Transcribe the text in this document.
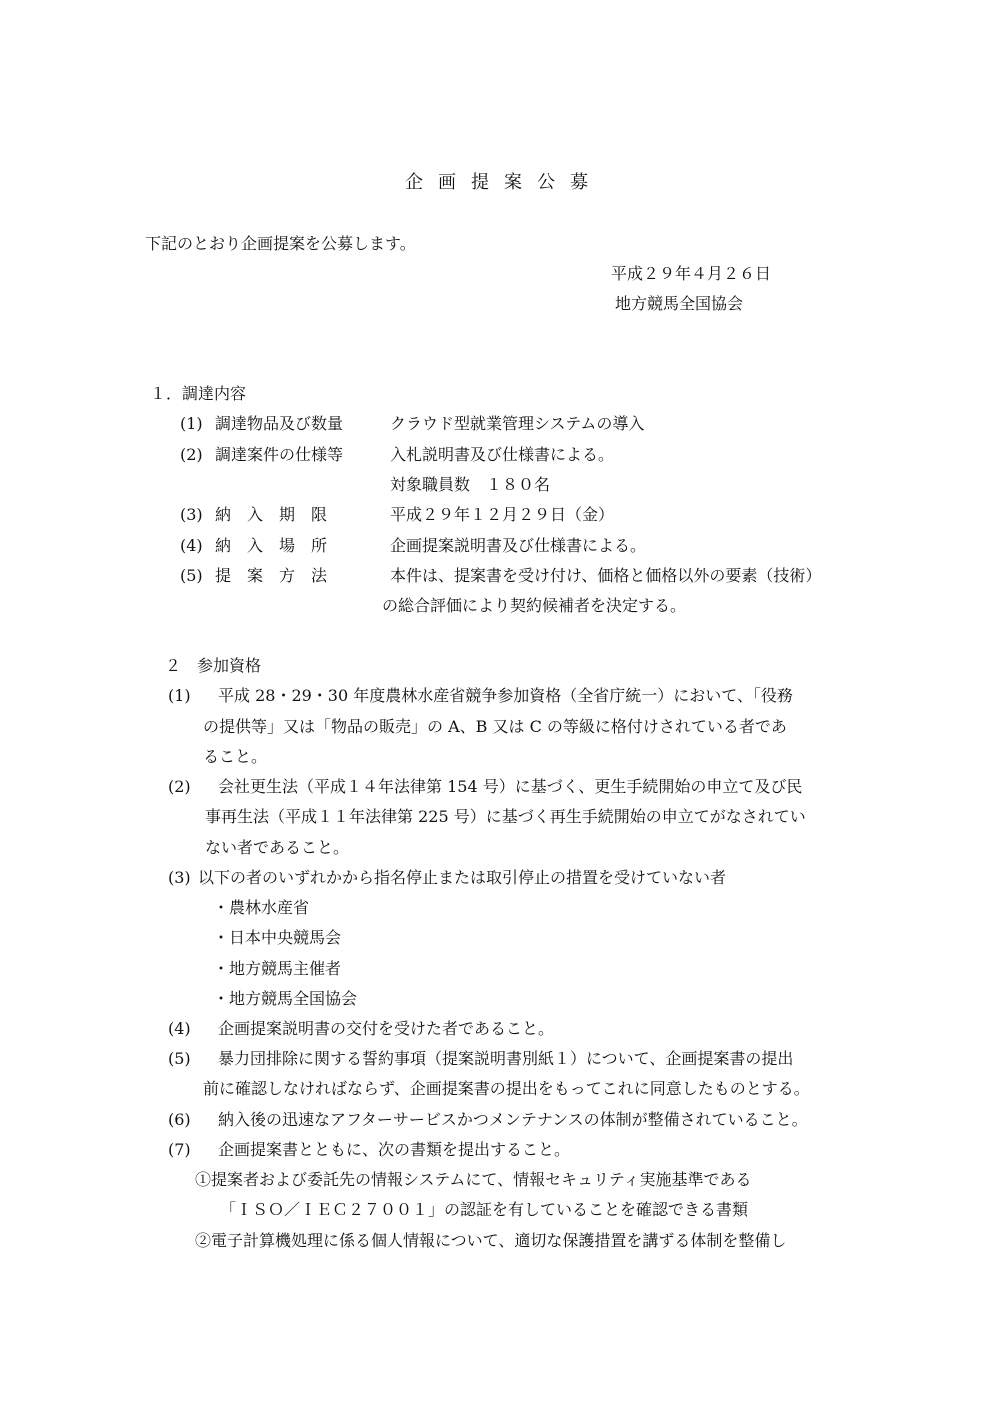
企画提案公募
下記のとおり企画提案を公募します。
平成２９年４月２６日
地方競馬全国協会
１．調達内容
(1) 調達物品及び数量	クラウド型就業管理システムの導入
(2) 調達案件の仕様等	入札説明書及び仕様書による。
対象職員数　１８０名
(3) 納　入　期　限	平成２９年１２月２９日（金）
(4) 納　入　場　所	企画提案説明書及び仕様書による。
(5) 提　案　方　法	本件は、提案書を受け付け、価格と価格以外の要素（技術）
の総合評価により契約候補者を決定する。
２　参加資格
(1) 平成 28・29・30 年度農林水産省競争参加資格（全省庁統一）において、「役務
の提供等」又は「物品の販売」の A、B 又は C の等級に格付けされている者であ
ること。
(2) 会社更生法（平成１４年法律第 154 号）に基づく、更生手続開始の申立て及び民
事再生法（平成１１年法律第 225 号）に基づく再生手続開始の申立てがなされてい
ない者であること。
(3) 以下の者のいずれかから指名停止または取引停止の措置を受けていない者
・農林水産省
・日本中央競馬会
・地方競馬主催者
・地方競馬全国協会
(4) 企画提案説明書の交付を受けた者であること。
(5) 暴力団排除に関する誓約事項（提案説明書別紙１）について、企画提案書の提出
前に確認しなければならず、企画提案書の提出をもってこれに同意したものとする。
(6) 納入後の迅速なアフターサービスかつメンテナンスの体制が整備されていること。
(7) 企画提案書とともに、次の書類を提出すること。
①提案者および委託先の情報システムにて、情報セキュリティ実施基準である
「ＩＳＯ／ＩＥＣ２７００１」の認証を有していることを確認できる書類
②電子計算機処理に係る個人情報について、適切な保護措置を講ずる体制を整備し
